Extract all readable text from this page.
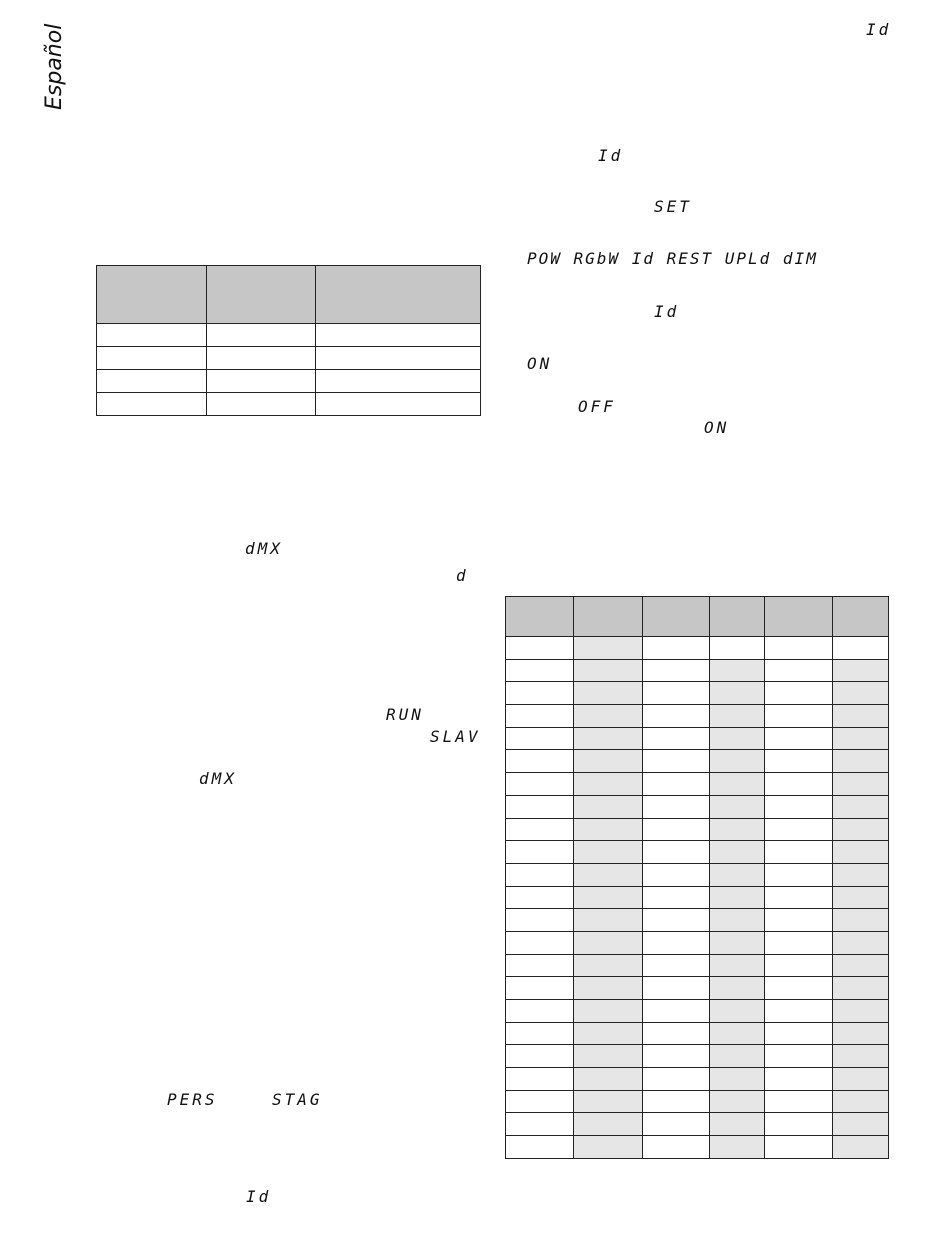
Español	Id
Id
SET
POW RGbW Id REST UPLd dIM
Id
ON
OFF
ON
dMX
d
RUN
SLAV
dMX
PERS	STAG
Id
